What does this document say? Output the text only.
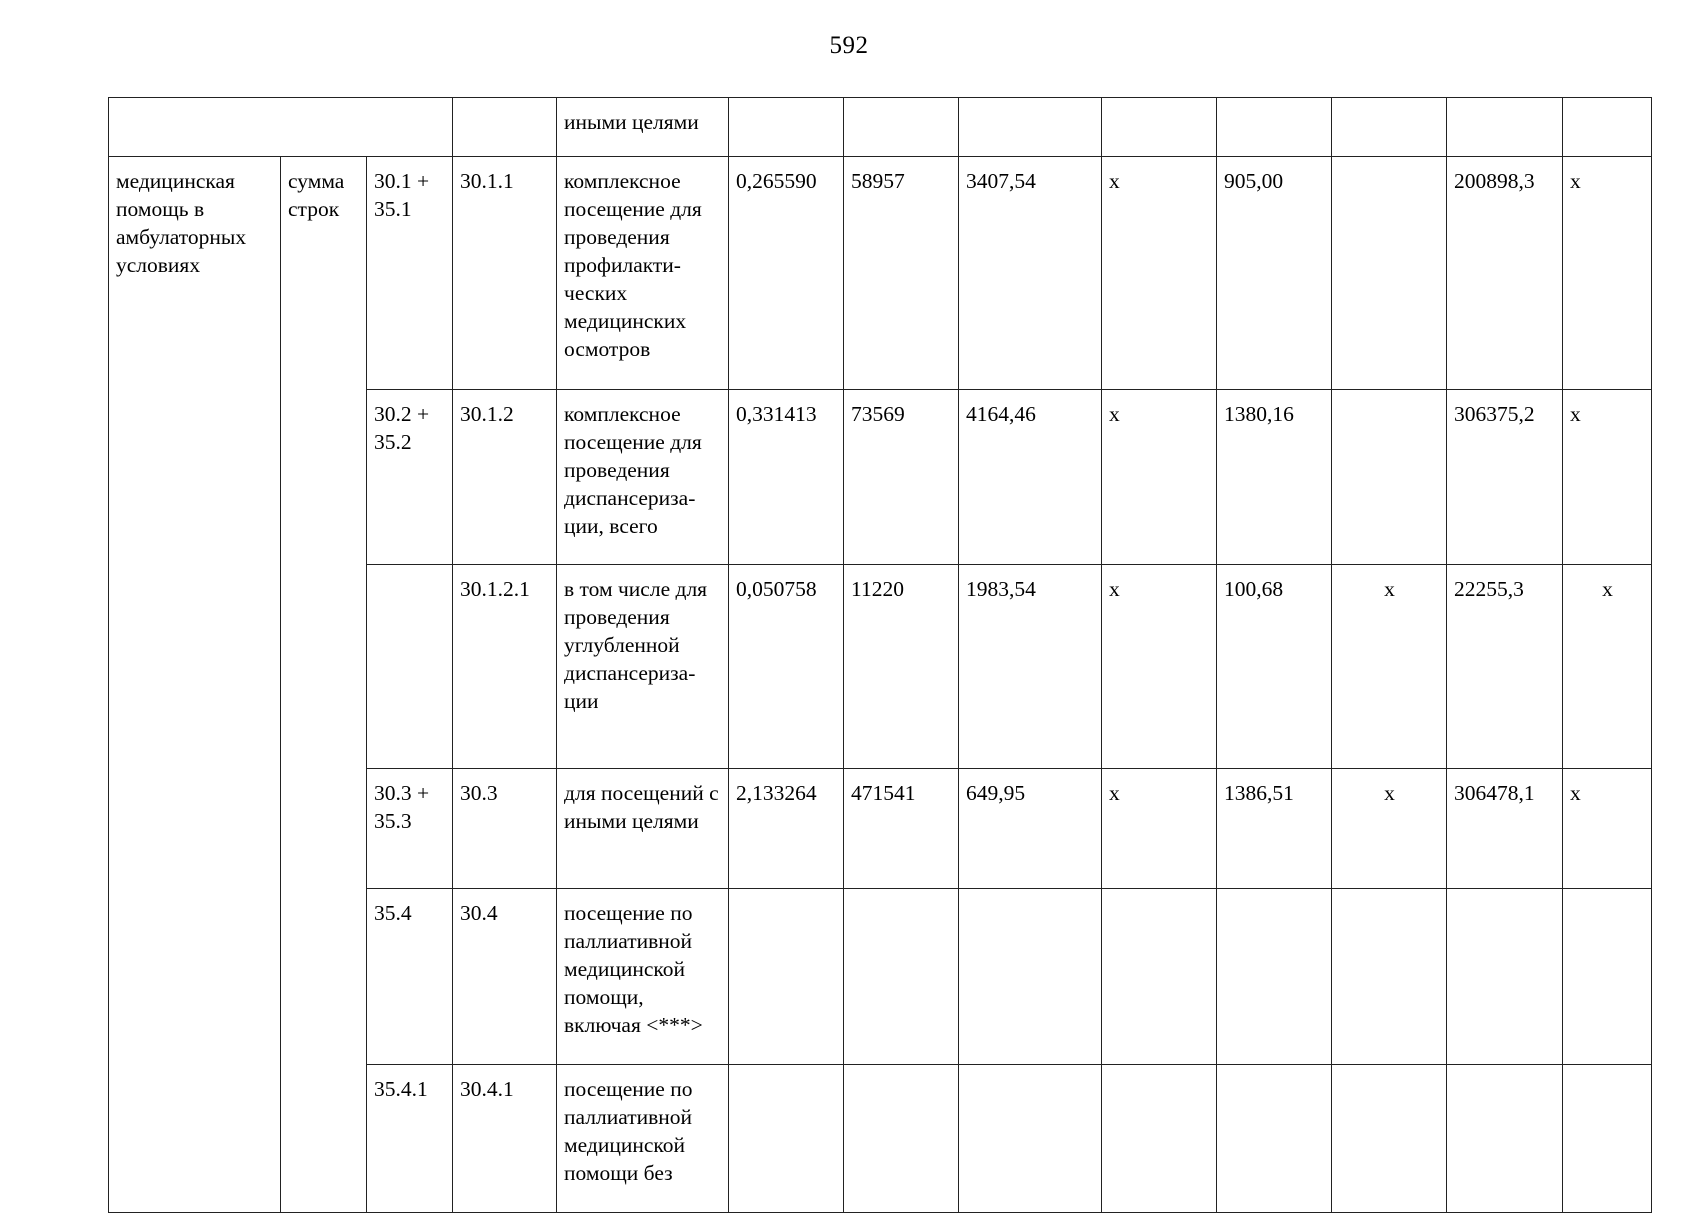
592
				иными целями								
медицинская помощь в амбулаторных условиях	сумма строк	30.1 + 35.1	30.1.1	комплексное посещение для проведения профилакти-ческих медицинских осмотров	0,265590	58957	3407,54	х	905,00		200898,3	х
		30.2 + 35.2	30.1.2	комплексное посещение для проведения диспансериза-ции, всего	0,331413	73569	4164,46	х	1380,16		306375,2	х
			30.1.2.1	в том числе для проведения углубленной диспансериза-ции	0,050758	11220	1983,54	х	100,68	х	22255,3	х
		30.3 + 35.3	30.3	для посещений с иными целями	2,133264	471541	649,95	х	1386,51	х	306478,1	х
		35.4	30.4	посещение по паллиативной медицинской помощи, включая <***>								
		35.4.1	30.4.1	посещение по паллиативной медицинской помощи без								
